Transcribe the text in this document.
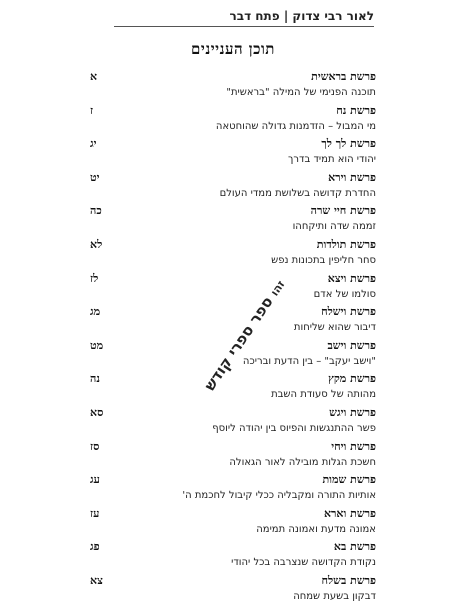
לאור רבי צדוק | פתח דבר
תוכן העניינים
פרשת בראשית
א
תוכנה הפנימי של המילה "בראשית"
פרשת נח
ז
מי המבול – הזדמנות גדולה שהוחטאה
פרשת לך לך
יג
יהודי הוא תמיד בדרך
פרשת וירא
יט
החדרת קדושה בשלושת ממדי העולם
פרשת חיי שרה
כה
זממה שדה ותיקחהו
פרשת תולדות
לא
סחר חליפין בתכונות נפש
פרשת ויצא
לז
סולמו של אדם
פרשת וישלח
מג
דיבור שהוא שליחות
פרשת וישב
מט
"וישב יעקב" – בין הדעת ובריכה
פרשת מקץ
נה
מהותה של סעודת השבת
פרשת ויגש
סא
פשר ההתנגשות והפיוס בין יהודה ליוסף
פרשת ויחי
סז
חשכת הגלות מובילה לאור הגאולה
פרשת שמות
עג
אותיות התורה ומקבליה ככלי קיבול לחכמת ה'
פרשת וארא
עז
אמונה מדעת ואמונה תמימה
פרשת בא
פג
נקודת הקדושה שנצרבה בכל יהודי
פרשת בשלח
צא
דבקון בשעת שמחה
זהו ספר ספרי קודש
